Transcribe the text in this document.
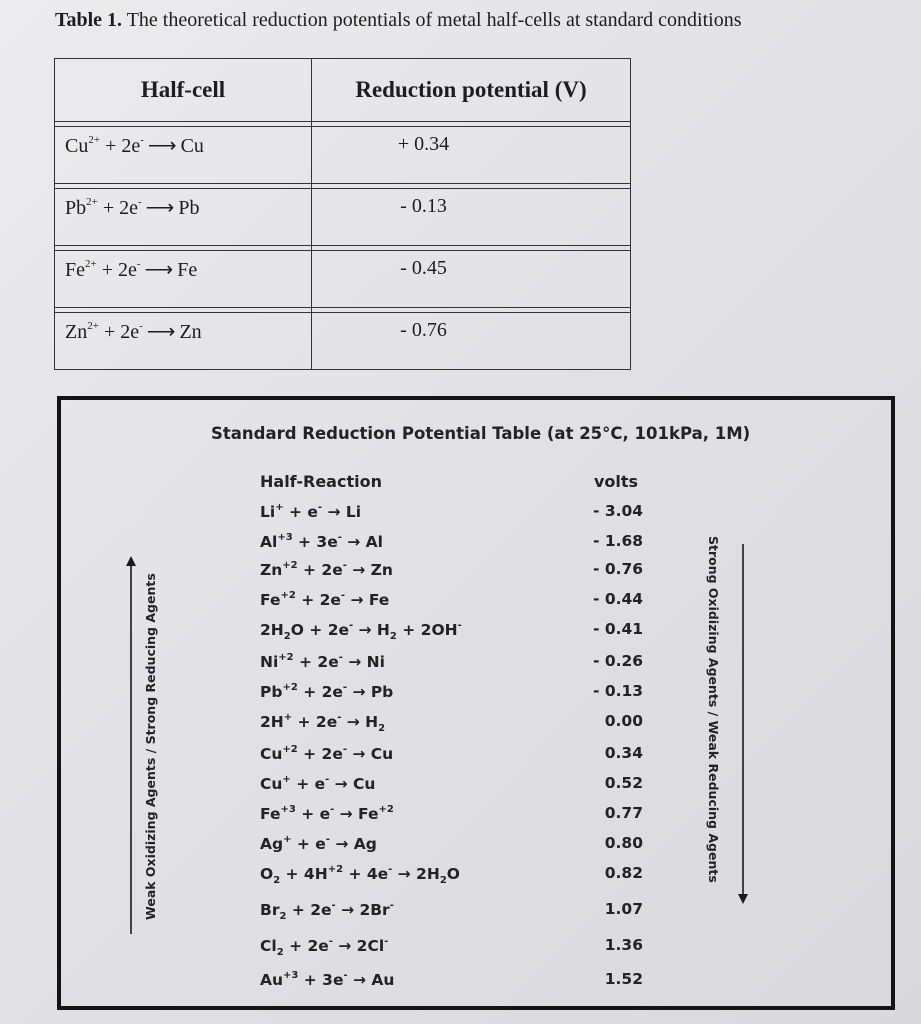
Table 1. The theoretical reduction potentials of metal half-cells at standard conditions
Half-cell	Reduction potential (V)

$Cu^{2+} + 2e^-$ ⟶ Cu	+ 0.34

$Pb^{2+} + 2e^-$ ⟶ Pb	- 0.13

$Fe^{2+} + 2e^-$ ⟶ Fe	- 0.45

$Zn^{2+} + 2e^-$ ⟶ Zn	- 0.76
Standard Reduction Potential Table (at 25°C, 101kPa, 1M)
Half-Reaction	volts
Li+ + e- → Li	- 3.04
$Al^{+3} + 3e^- \to Al$	- 1.68
$Zn^{+2} + 2e^- \to Zn$	- 0.76
$Fe^{+2} + 2e^- \to Fe$	- 0.44
$2H_2O + 2e^- \to H_2 + 2OH^-$	- 0.41
$Ni^{+2} + 2e^- \to Ni$	- 0.26
$Pb^{+2} + 2e^- \to Pb$	- 0.13
$2H^+ + 2e^- \to H_2$	0.00
$Cu^{+2} + 2e^- \to Cu$	0.34
Cu+ + e- → Cu	0.52
$Fe^{+3} + e^- \to Fe^{+2}$	0.77
Ag+ + e- → Ag	0.80
$O_2 + 4H^{+2} + 4e^- \to 2H_2O$	0.82
$Br_2 + 2e^- \to 2Br^-$	1.07
$Cl_2 + 2e^- \to 2Cl^-$	1.36
$Au^{+3} + 3e^- \to Au$	1.52
Weak Oxidizing Agents / Strong Reducing Agents	Strong Oxidizing Agents / Weak Reducing Agents
